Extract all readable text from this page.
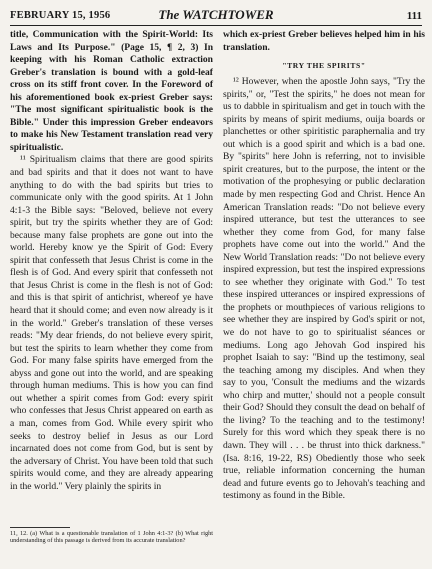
FEBRUARY 15, 1956	The WATCHTOWER	111

title, Communication with the Spirit-World: Its Laws and Its Purpose." (Page 15, ¶ 2, 3) In keeping with his Roman Catholic extraction Greber's translation is bound with a gold-leaf cross on its stiff front cover. In the Foreword of his aforementioned book ex-priest Greber says: "The most significant spiritualistic book is the Bible." Under this impression Greber endeavors to make his New Testament translation read very spiritualistic.

¹¹ Spiritualism claims that there are good spirits and bad spirits and that it does not want to have anything to do with the bad spirits but tries to communicate only with the good spirits. At 1 John 4:1-3 the Bible says: "Beloved, believe not every spirit, but try the spirits whether they are of God: because many false prophets are gone out into the world. Hereby know ye the Spirit of God: Every spirit that confesseth that Jesus Christ is come in the flesh is of God. And every spirit that confesseth not that Jesus Christ is come in the flesh is not of God: and this is that spirit of antichrist, whereof ye have heard that it should come; and even now already is it in the world." Greber's translation of these verses reads: "My dear friends, do not believe every spirit, but test the spirits to learn whether they come from God. For many false spirits have emerged from the abyss and gone out into the world, and are speaking through human mediums. This is how you can find out whether a spirit comes from God: every spirit who confesses that Jesus Christ appeared on earth as a man, comes from God. While every spirit who seeks to destroy belief in Jesus as our Lord incarnated does not come from God, but is sent by the adversary of Christ. You have been told that such spirits would come, and they are already appearing in the world." Very plainly the spirits in

11, 12. (a) What is a questionable translation of 1 John 4:1-3? (b) What right understanding of this passage is derived from its accurate translation?

which ex-priest Greber believes helped him in his translation.

"TRY THE SPIRITS"

¹² However, when the apostle John says, "Try the spirits," or, "Test the spirits," he does not mean for us to dabble in spiritualism and get in touch with the spirits by means of spirit mediums, ouija boards or planchettes or other spiritistic paraphernalia and try out which is a good spirit and which is a bad one. By "spirits" here John is referring, not to invisible spirit creatures, but to the purpose, the intent or the motivation of the prophesying or public declaration made by men respecting God and Christ. Hence An American Translation reads: "Do not believe every inspired utterance, but test the utterances to see whether they come from God, for many false prophets have come out into the world." And the New World Translation reads: "Do not believe every inspired expression, but test the inspired expressions to see whether they originate with God." To test these inspired utterances or inspired expressions of the prophets or mouthpieces of various religions to see whether they are inspired by God's spirit or not, we do not have to go to spiritualist séances or mediums. Long ago Jehovah God inspired his prophet Isaiah to say: "Bind up the testimony, seal the teaching among my disciples. And when they say to you, 'Consult the mediums and the wizards who chirp and mutter,' should not a people consult their God? Should they consult the dead on behalf of the living? To the teaching and to the testimony! Surely for this word which they speak there is no dawn. They will . . . be thrust into thick darkness." (Isa. 8:16, 19-22, RS) Obediently those who seek true, reliable information concerning the human dead and future events go to Jehovah's teaching and testimony as found in the Bible.
